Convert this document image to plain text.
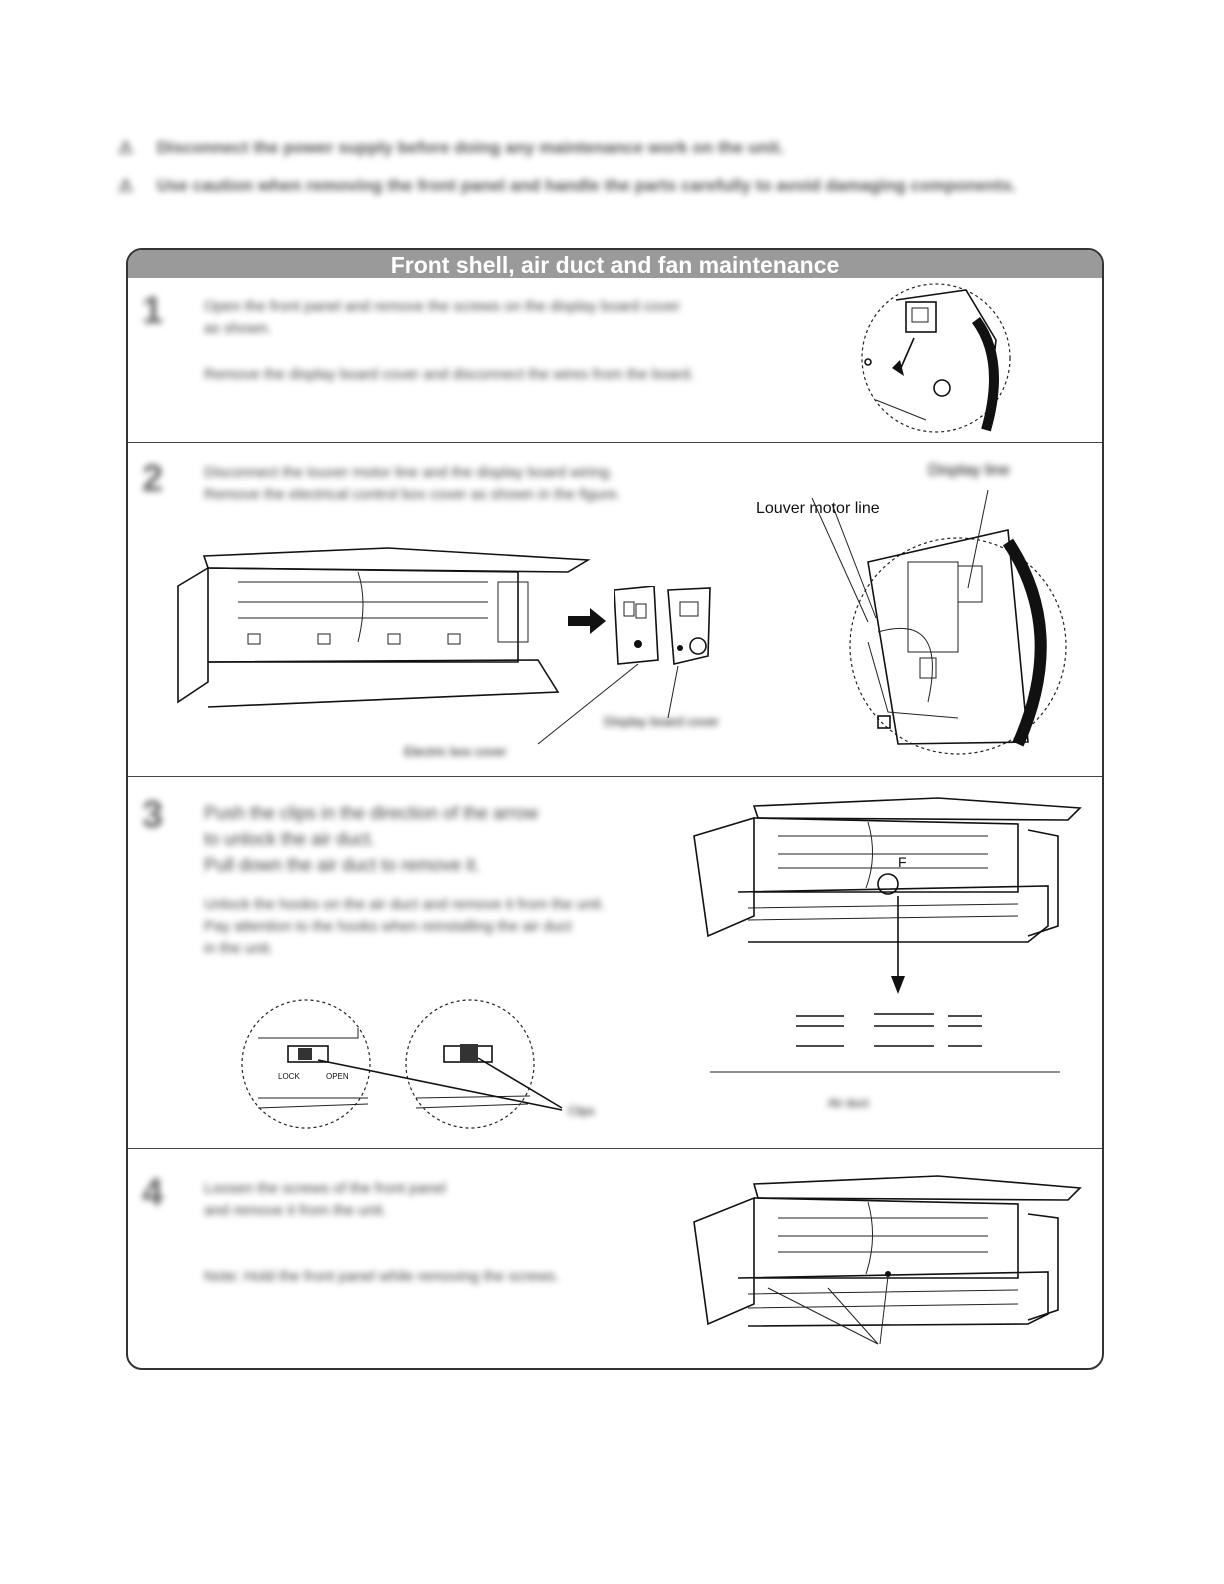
⚠ Disconnect the power supply before doing any maintenance work on the unit.
⚠ Use caution when removing the front panel and handle the parts carefully to avoid damaging components.
Front shell, air duct and fan maintenance
1	Open the front panel and remove the screws on the display board cover
as shown.
Remove the display board cover and disconnect the wires from the board.
2	Disconnect the louver motor line and the display board wiring.
Remove the electrical control box cover as shown in the figure.
Display line
Louver motor line
Display board cover
Electric box cover
3 Push the clips in the direction of the arrow
to unlock the air duct.
Pull down the air duct to remove it.
Unlock the hooks on the air duct and remove it from the unit.
Pay attention to the hooks when reinstalling the air duct
in the unit.
LOCK	OPEN
Clips
F
Air duct
4	Loosen the screws of the front panel
and remove it from the unit.
Note: Hold the front panel while removing the screws.
